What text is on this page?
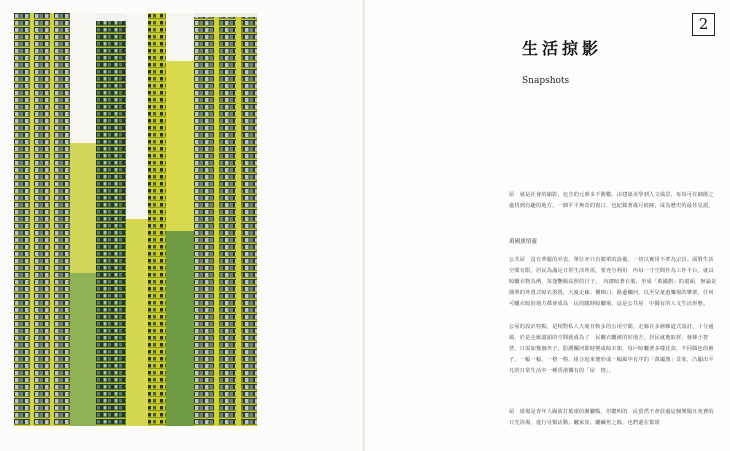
2
生活掠影
Snapshots
屋　就是社會的縮影，包含的元素多不勝數。由建築美學到人文風景，每每可在細節之處找到有趣的地方。一個平平無奇的窗口，也紀錄著歲月痕跡，成為歷史的最佳見證。
萬國旗情靈
公共屋　沒有華麗的外表，單位亦只有簡單的設備。一切以實用不華為宗旨。面對生活空間有限，居民為滿足日常生活所需，要充分利用　內每一寸空間作為工作平台。就以晾曬衣物為例，每逢艷陽高照的日子，　內總晾著衣服，形成「萬國旗」的畫面，無論是簡單的外置式晾衣裝置，大廈走廊、樓梯口，路邊欄河，以至兒童遊樂場的攀架，任何可曬衣晾的地方都會成為　民的臨時晾曬場，這是公共屋　中獨有的人文生活形態。
公屋的設計特點，是相對私人大廈有較多的公用空間。走廊在多層廊道式設計，十分通風，於是走廊盡頭的空間就成為了　民曬衣曬被的好地方。居民就地取材，發揮小智慧，只需加幾個夾子，防護欄河即時變成晾衣架，每戶晾曬著多樣花款，不同顏色的被子，一幅一幅，一格一格，組合起來便形成一幅風中有序的「萬國旗」景象，凸顯出平凡的日常生活中一種香港獨有的「屋　情」。
屋　球場是青年人踢波打籃球的聚腳點，但聰明的　民當然不會放過這個開闊且免費的日光浴場，進行另類活動。曬家皮、曬鹹魚之餘，也們還在籃球
